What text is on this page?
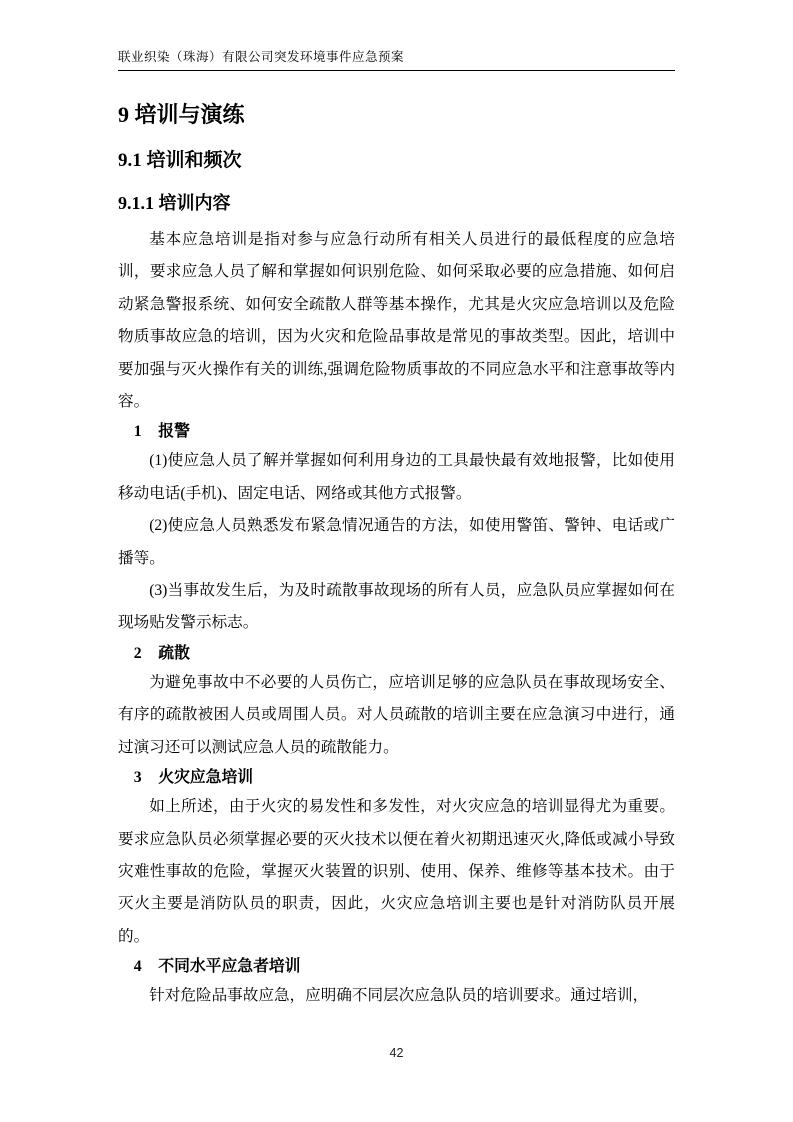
联业织染（珠海）有限公司突发环境事件应急预案
9 培训与演练
9.1 培训和频次
9.1.1 培训内容

基本应急培训是指对参与应急行动所有相关人员进行的最低程度的应急培训，要求应急人员了解和掌握如何识别危险、如何采取必要的应急措施、如何启动紧急警报系统、如何安全疏散人群等基本操作，尤其是火灾应急培训以及危险物质事故应急的培训，因为火灾和危险品事故是常见的事故类型。因此，培训中要加强与灭火操作有关的训练,强调危险物质事故的不同应急水平和注意事故等内容。

1 报警

(1)使应急人员了解并掌握如何利用身边的工具最快最有效地报警，比如使用移动电话(手机)、固定电话、网络或其他方式报警。

(2)使应急人员熟悉发布紧急情况通告的方法，如使用警笛、警钟、电话或广播等。

(3)当事故发生后，为及时疏散事故现场的所有人员，应急队员应掌握如何在现场贴发警示标志。

2 疏散

为避免事故中不必要的人员伤亡，应培训足够的应急队员在事故现场安全、有序的疏散被困人员或周围人员。对人员疏散的培训主要在应急演习中进行，通过演习还可以测试应急人员的疏散能力。

3 火灾应急培训

如上所述，由于火灾的易发性和多发性，对火灾应急的培训显得尤为重要。要求应急队员必须掌握必要的灭火技术以便在着火初期迅速灭火,降低或减小导致灾难性事故的危险，掌握灭火装置的识别、使用、保养、维修等基本技术。由于灭火主要是消防队员的职责，因此，火灾应急培训主要也是针对消防队员开展的。

4 不同水平应急者培训

针对危险品事故应急，应明确不同层次应急队员的培训要求。通过培训，

42
